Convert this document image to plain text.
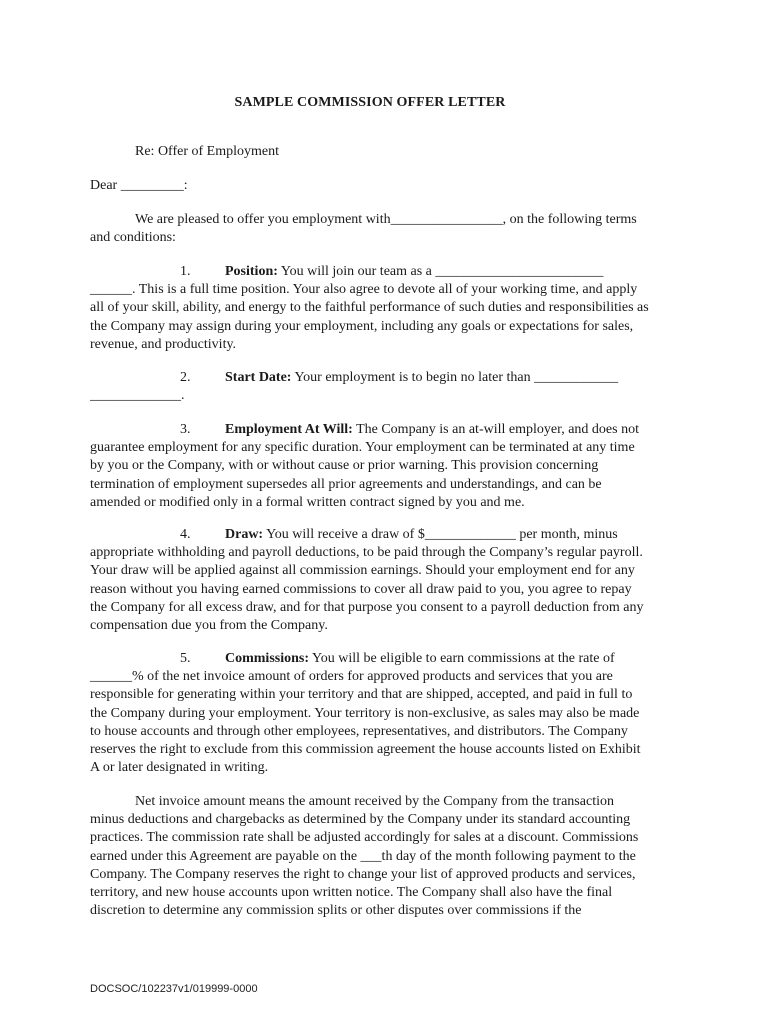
SAMPLE COMMISSION OFFER LETTER
Re: Offer of Employment
Dear _________:
We are pleased to offer you employment with________________, on the following terms and conditions:
1. Position: You will join our team as a ________________________ ______. This is a full time position. Your also agree to devote all of your working time, and apply all of your skill, ability, and energy to the faithful performance of such duties and responsibilities as the Company may assign during your employment, including any goals or expectations for sales, revenue, and productivity.
2. Start Date: Your employment is to begin no later than ____________ _____________.
3. Employment At Will: The Company is an at-will employer, and does not guarantee employment for any specific duration. Your employment can be terminated at any time by you or the Company, with or without cause or prior warning. This provision concerning termination of employment supersedes all prior agreements and understandings, and can be amended or modified only in a formal written contract signed by you and me.
4. Draw: You will receive a draw of $_____________ per month, minus appropriate withholding and payroll deductions, to be paid through the Company’s regular payroll. Your draw will be applied against all commission earnings. Should your employment end for any reason without you having earned commissions to cover all draw paid to you, you agree to repay the Company for all excess draw, and for that purpose you consent to a payroll deduction from any compensation due you from the Company.
5. Commissions: You will be eligible to earn commissions at the rate of ______% of the net invoice amount of orders for approved products and services that you are responsible for generating within your territory and that are shipped, accepted, and paid in full to the Company during your employment. Your territory is non-exclusive, as sales may also be made to house accounts and through other employees, representatives, and distributors. The Company reserves the right to exclude from this commission agreement the house accounts listed on Exhibit A or later designated in writing.
Net invoice amount means the amount received by the Company from the transaction minus deductions and chargebacks as determined by the Company under its standard accounting practices. The commission rate shall be adjusted accordingly for sales at a discount. Commissions earned under this Agreement are payable on the ___th day of the month following payment to the Company. The Company reserves the right to change your list of approved products and services, territory, and new house accounts upon written notice. The Company shall also have the final discretion to determine any commission splits or other disputes over commissions if the
DOCSOC/102237v1/019999-0000
